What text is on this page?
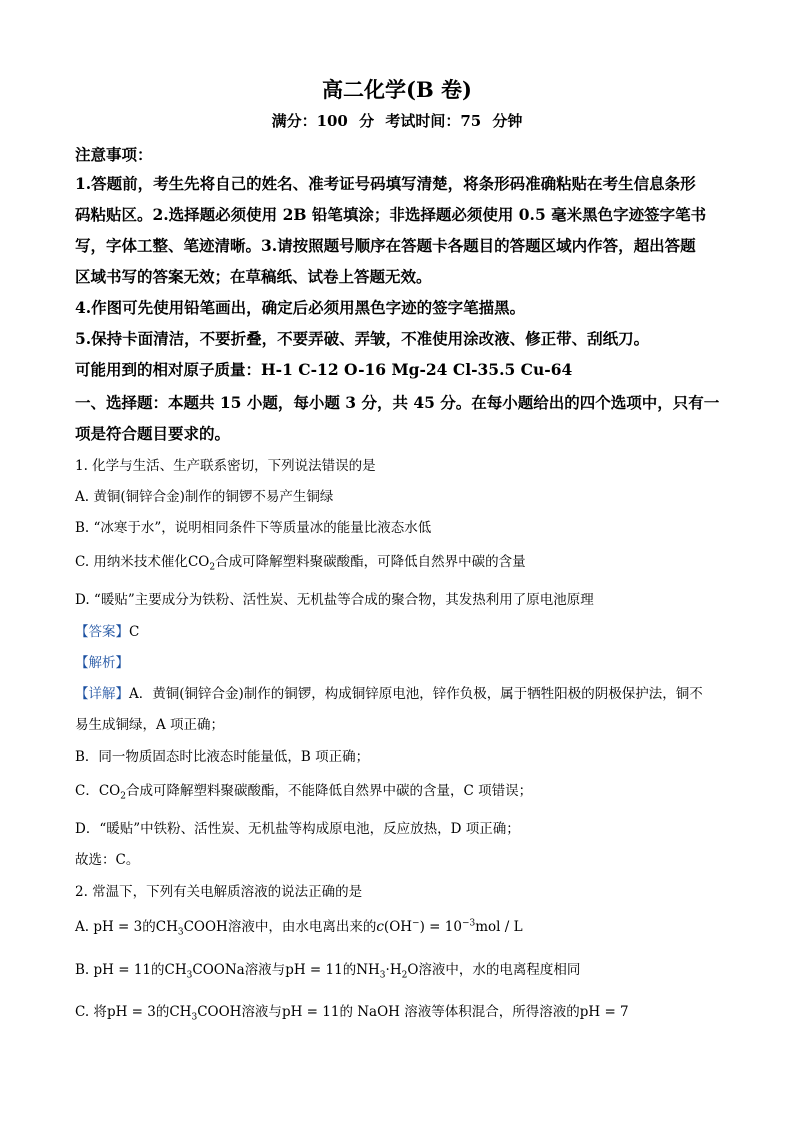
高二化学(B 卷)
满分：100 分 考试时间：75 分钟
注意事项：
1.答题前，考生先将自己的姓名、准考证号码填写清楚，将条形码准确粘贴在考生信息条形
码粘贴区。2.选择题必须使用 2B 铅笔填涂；非选择题必须使用 0.5 毫米黑色字迹签字笔书
写，字体工整、笔迹清晰。3.请按照题号顺序在答题卡各题目的答题区域内作答，超出答题
区域书写的答案无效；在草稿纸、试卷上答题无效。
4.作图可先使用铅笔画出，确定后必须用黑色字迹的签字笔描黑。
5.保持卡面清洁，不要折叠，不要弄破、弄皱，不准使用涂改液、修正带、刮纸刀。
可能用到的相对原子质量：H-1 C-12 O-16 Mg-24 Cl-35.5 Cu-64
一、选择题：本题共 15 小题，每小题 3 分，共 45 分。在每小题给出的四个选项中，只有一
项是符合题目要求的。
1. 化学与生活、生产联系密切，下列说法错误的是
A. 黄铜(铜锌合金)制作的铜锣不易产生铜绿
B. “冰寒于水”，说明相同条件下等质量冰的能量比液态水低
C. 用纳米技术催化$CO_2$合成可降解塑料聚碳酸酯，可降低自然界中碳的含量
D. “暖贴”主要成分为铁粉、活性炭、无机盐等合成的聚合物，其发热利用了原电池原理
【答案】C
【解析】
【详解】A．黄铜(铜锌合金)制作的铜锣，构成铜锌原电池，锌作负极，属于牺牲阳极的阴极保护法，铜不
易生成铜绿，A 项正确；
B．同一物质固态时比液态时能量低，B 项正确；
C．$CO_2$合成可降解塑料聚碳酸酯，不能降低自然界中碳的含量，C 项错误；
D．“暖贴”中铁粉、活性炭、无机盐等构成原电池，反应放热，D 项正确；
故选：C。
2. 常温下，下列有关电解质溶液的说法正确的是
A. pH = 3的$CH_3COOH$溶液中，由水电离出来的$c(OH^-) = 10^{-3}mol / L$
B. pH = 11的$CH_3COONa$溶液与pH = 11的$NH_3\cdot H_2O$溶液中，水的电离程度相同
C. 将pH = 3的$CH_3COOH$溶液与pH = 11的 NaOH 溶液等体积混合，所得溶液的pH = 7
